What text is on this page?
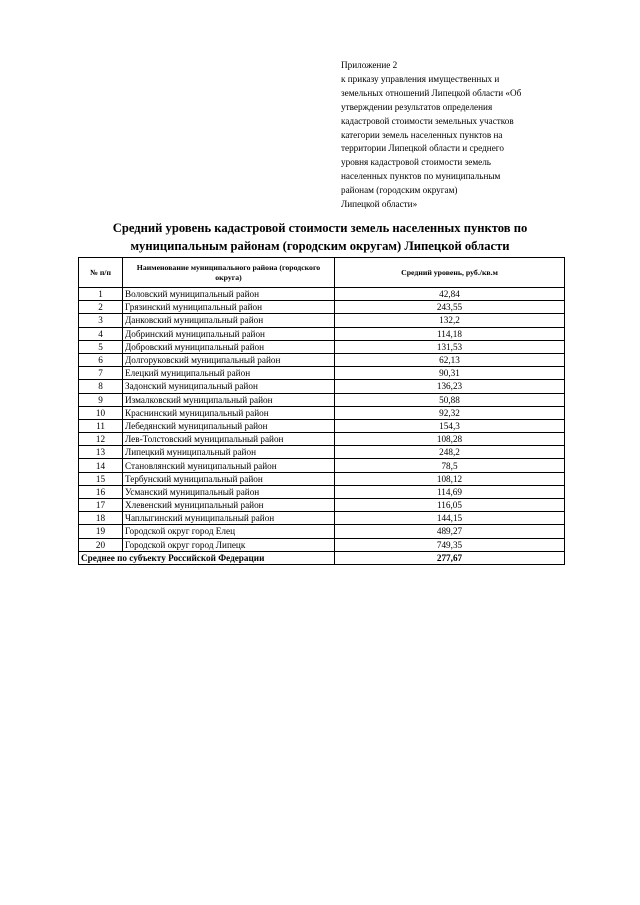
Приложение 2
к приказу управления имущественных и
земельных отношений Липецкой области «Об
утверждении результатов определения
кадастровой стоимости земельных участков
категории земель населенных пунктов на
территории Липецкой области и среднего
уровня кадастровой стоимости земель
населенных пунктов по муниципальным
районам (городским округам)
Липецкой области»
Средний уровень кадастровой стоимости земель населенных пунктов по
муниципальным районам (городским округам) Липецкой области
№ п/п	Наименование муниципального района (городского округа)	Средний уровень, руб./кв.м
1	Воловский муниципальный район	42,84
2	Грязинский муниципальный район	243,55
3	Данковский муниципальный район	132,2
4	Добринский муниципальный район	114,18
5	Добровский муниципальный район	131,53
6	Долгоруковский муниципальный район	62,13
7	Елецкий муниципальный район	90,31
8	Задонский муниципальный район	136,23
9	Измалковский муниципальный район	50,88
10	Краснинский муниципальный район	92,32
11	Лебедянский муниципальный район	154,3
12	Лев-Толстовский муниципальный район	108,28
13	Липецкий муниципальный район	248,2
14	Становлянский муниципальный район	78,5
15	Тербунский муниципальный район	108,12
16	Усманский муниципальный район	114,69
17	Хлевенский муниципальный район	116,05
18	Чаплыгинский муниципальный район	144,15
19	Городской округ город Елец	489,27
20	Городской округ город Липецк	749,35
Среднее по субъекту Российской Федерации		277,67
